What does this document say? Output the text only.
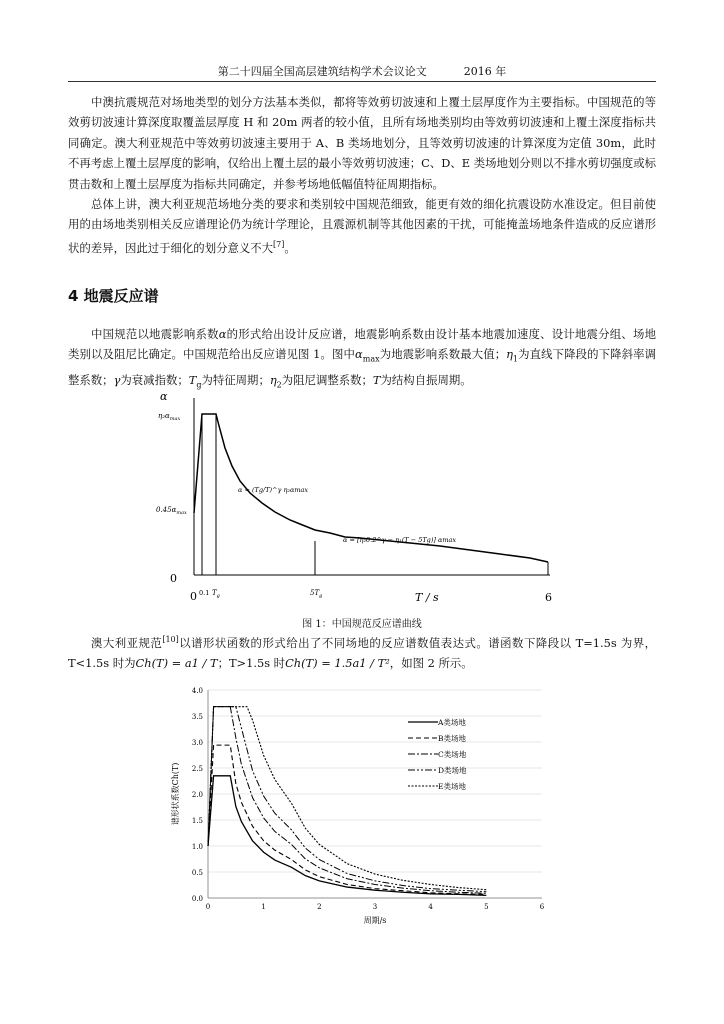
第二十四届全国高层建筑结构学术会议论文	2016 年

中澳抗震规范对场地类型的划分方法基本类似，都将等效剪切波速和上覆土层厚度作为主要指标。中国规范的等效剪切波速计算深度取覆盖层厚度 H 和 20m 两者的较小值，且所有场地类别均由等效剪切波速和上覆土深度指标共同确定。澳大利亚规范中等效剪切波速主要用于 A、B 类场地划分，且等效剪切波速的计算深度为定值 30m，此时不再考虑上覆土层厚度的影响，仅给出上覆土层的最小等效剪切波速；C、D、E 类场地划分则以不排水剪切强度或标贯击数和上覆土层厚度为指标共同确定，并参考场地低幅值特征周期指标。

总体上讲，澳大利亚规范场地分类的要求和类别较中国规范细致，能更有效的细化抗震设防水准设定。但目前使用的由场地类别相关反应谱理论仍为统计学理论，且震源机制等其他因素的干扰，可能掩盖场地条件造成的反应谱形状的差异，因此过于细化的划分意义不大[7]。

4 地震反应谱

中国规范以地震影响系数α的形式给出设计反应谱，地震影响系数由设计基本地震加速度、设计地震分组、场地类别以及阻尼比确定。中国规范给出反应谱见图 1。图中$\alpha_{max}$为地震影响系数最大值；$\eta_1$为直线下降段的下降斜率调整系数；γ为衰减指数；$T_g$为特征周期；$\eta_2$为阻尼调整系数；T为结构自振周期。

α
$\eta_2\alpha_{max}$
$0.45\alpha_{max}$
0
0 0.1 $T_g$	$5T_g$	T / s	6
α = (Tg/T)^γ η₂αmax
α = [η₂0.2^γ − η₁(T − 5Tg)] αmax
图 1：中国规范反应谱曲线

澳大利亚规范[10]以谱形状函数的形式给出了不同场地的反应谱数值表达式。谱函数下降段以 T=1.5s 为界，T<1.5s 时为Ch(T) = a1 / T；T>1.5s 时Ch(T) = 1.5a1 / T²，如图 2 所示。

0.0
0.5
1.0
1.5
2.0
2.5
3.0
3.5
4.0
0	1	2	3	4	5	6
A类场地
B类场地
C类场地
D类场地
E类场地
周期/s
谱形状系数Ch(T)
